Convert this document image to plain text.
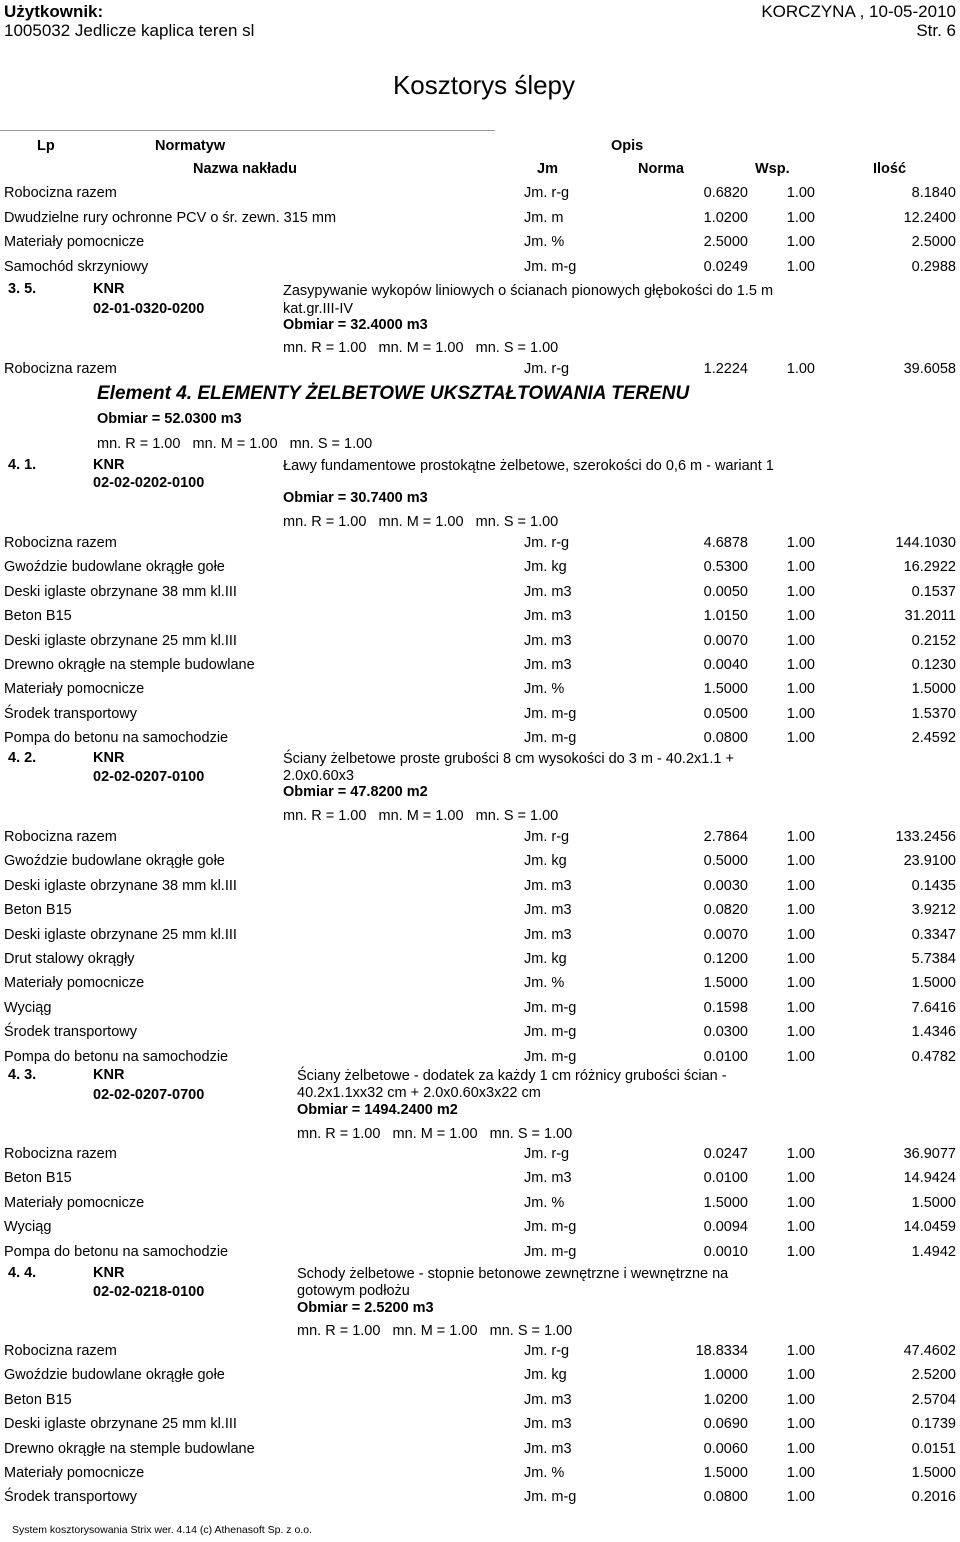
Użytkownik:
1005032 Jedlicze kaplica teren sl
KORCZYNA , 10-05-2010
Str. 6
Kosztorys ślepy
Lp	Normatyw	Opis
Nazwa nakładu	Jm	Norma	Wsp.	Ilość
Robocizna razem	Jm. r-g	0.6820	1.00	8.1840
Dwudzielne rury ochronne PCV o śr. zewn. 315 mm	Jm. m	1.0200	1.00	12.2400
Materiały pomocnicze	Jm. %	2.5000	1.00	2.5000
Samochód skrzyniowy	Jm. m-g	0.0249	1.00	0.2988
3. 5.	KNR
02-01-0320-0200
Zasypywanie wykopów liniowych o ścianach pionowych głębokości do 1.5 m kat.gr.III-IV
Obmiar = 32.4000 m3
mn. R = 1.00   mn. M = 1.00   mn. S = 1.00
Robocizna razem	Jm. r-g	1.2224	1.00	39.6058
Element 4. ELEMENTY ŻELBETOWE UKSZTAŁTOWANIA TERENU
Obmiar = 52.0300 m3
mn. R = 1.00   mn. M = 1.00   mn. S = 1.00
4. 1.	KNR
02-02-0202-0100
Ławy fundamentowe prostokątne żelbetowe, szerokości do 0,6 m - wariant 1
Obmiar = 30.7400 m3
mn. R = 1.00   mn. M = 1.00   mn. S = 1.00
Robocizna razem	Jm. r-g	4.6878	1.00	144.1030
Gwoździe budowlane okrągłe gołe	Jm. kg	0.5300	1.00	16.2922
Deski iglaste obrzynane 38 mm kl.III	Jm. m3	0.0050	1.00	0.1537
Beton B15	Jm. m3	1.0150	1.00	31.2011
Deski iglaste obrzynane 25 mm kl.III	Jm. m3	0.0070	1.00	0.2152
Drewno okrągłe na stemple budowlane	Jm. m3	0.0040	1.00	0.1230
Materiały pomocnicze	Jm. %	1.5000	1.00	1.5000
Środek transportowy	Jm. m-g	0.0500	1.00	1.5370
Pompa do betonu na samochodzie	Jm. m-g	0.0800	1.00	2.4592
4. 2.	KNR
02-02-0207-0100
Ściany żelbetowe proste grubości 8 cm wysokości do 3 m - 40.2x1.1 + 2.0x0.60x3
Obmiar = 47.8200 m2
mn. R = 1.00   mn. M = 1.00   mn. S = 1.00
Robocizna razem	Jm. r-g	2.7864	1.00	133.2456
Gwoździe budowlane okrągłe gołe	Jm. kg	0.5000	1.00	23.9100
Deski iglaste obrzynane 38 mm kl.III	Jm. m3	0.0030	1.00	0.1435
Beton B15	Jm. m3	0.0820	1.00	3.9212
Deski iglaste obrzynane 25 mm kl.III	Jm. m3	0.0070	1.00	0.3347
Drut stalowy okrągły	Jm. kg	0.1200	1.00	5.7384
Materiały pomocnicze	Jm. %	1.5000	1.00	1.5000
Wyciąg	Jm. m-g	0.1598	1.00	7.6416
Środek transportowy	Jm. m-g	0.0300	1.00	1.4346
Pompa do betonu na samochodzie	Jm. m-g	0.0100	1.00	0.4782
4. 3.	KNR
02-02-0207-0700
Ściany żelbetowe - dodatek za każdy 1 cm różnicy grubości ścian - 40.2x1.1xx32 cm + 2.0x0.60x3x22 cm
Obmiar = 1494.2400 m2
mn. R = 1.00   mn. M = 1.00   mn. S = 1.00
Robocizna razem	Jm. r-g	0.0247	1.00	36.9077
Beton B15	Jm. m3	0.0100	1.00	14.9424
Materiały pomocnicze	Jm. %	1.5000	1.00	1.5000
Wyciąg	Jm. m-g	0.0094	1.00	14.0459
Pompa do betonu na samochodzie	Jm. m-g	0.0010	1.00	1.4942
4. 4.	KNR
02-02-0218-0100
Schody żelbetowe - stopnie betonowe zewnętrzne i wewnętrzne na gotowym podłożu
Obmiar = 2.5200 m3
mn. R = 1.00   mn. M = 1.00   mn. S = 1.00
Robocizna razem	Jm. r-g	18.8334	1.00	47.4602
Gwoździe budowlane okrągłe gołe	Jm. kg	1.0000	1.00	2.5200
Beton B15	Jm. m3	1.0200	1.00	2.5704
Deski iglaste obrzynane 25 mm kl.III	Jm. m3	0.0690	1.00	0.1739
Drewno okrągłe na stemple budowlane	Jm. m3	0.0060	1.00	0.0151
Materiały pomocnicze	Jm. %	1.5000	1.00	1.5000
Środek transportowy	Jm. m-g	0.0800	1.00	0.2016
System kosztorysowania Strix wer. 4.14 (c) Athenasoft Sp. z o.o.
